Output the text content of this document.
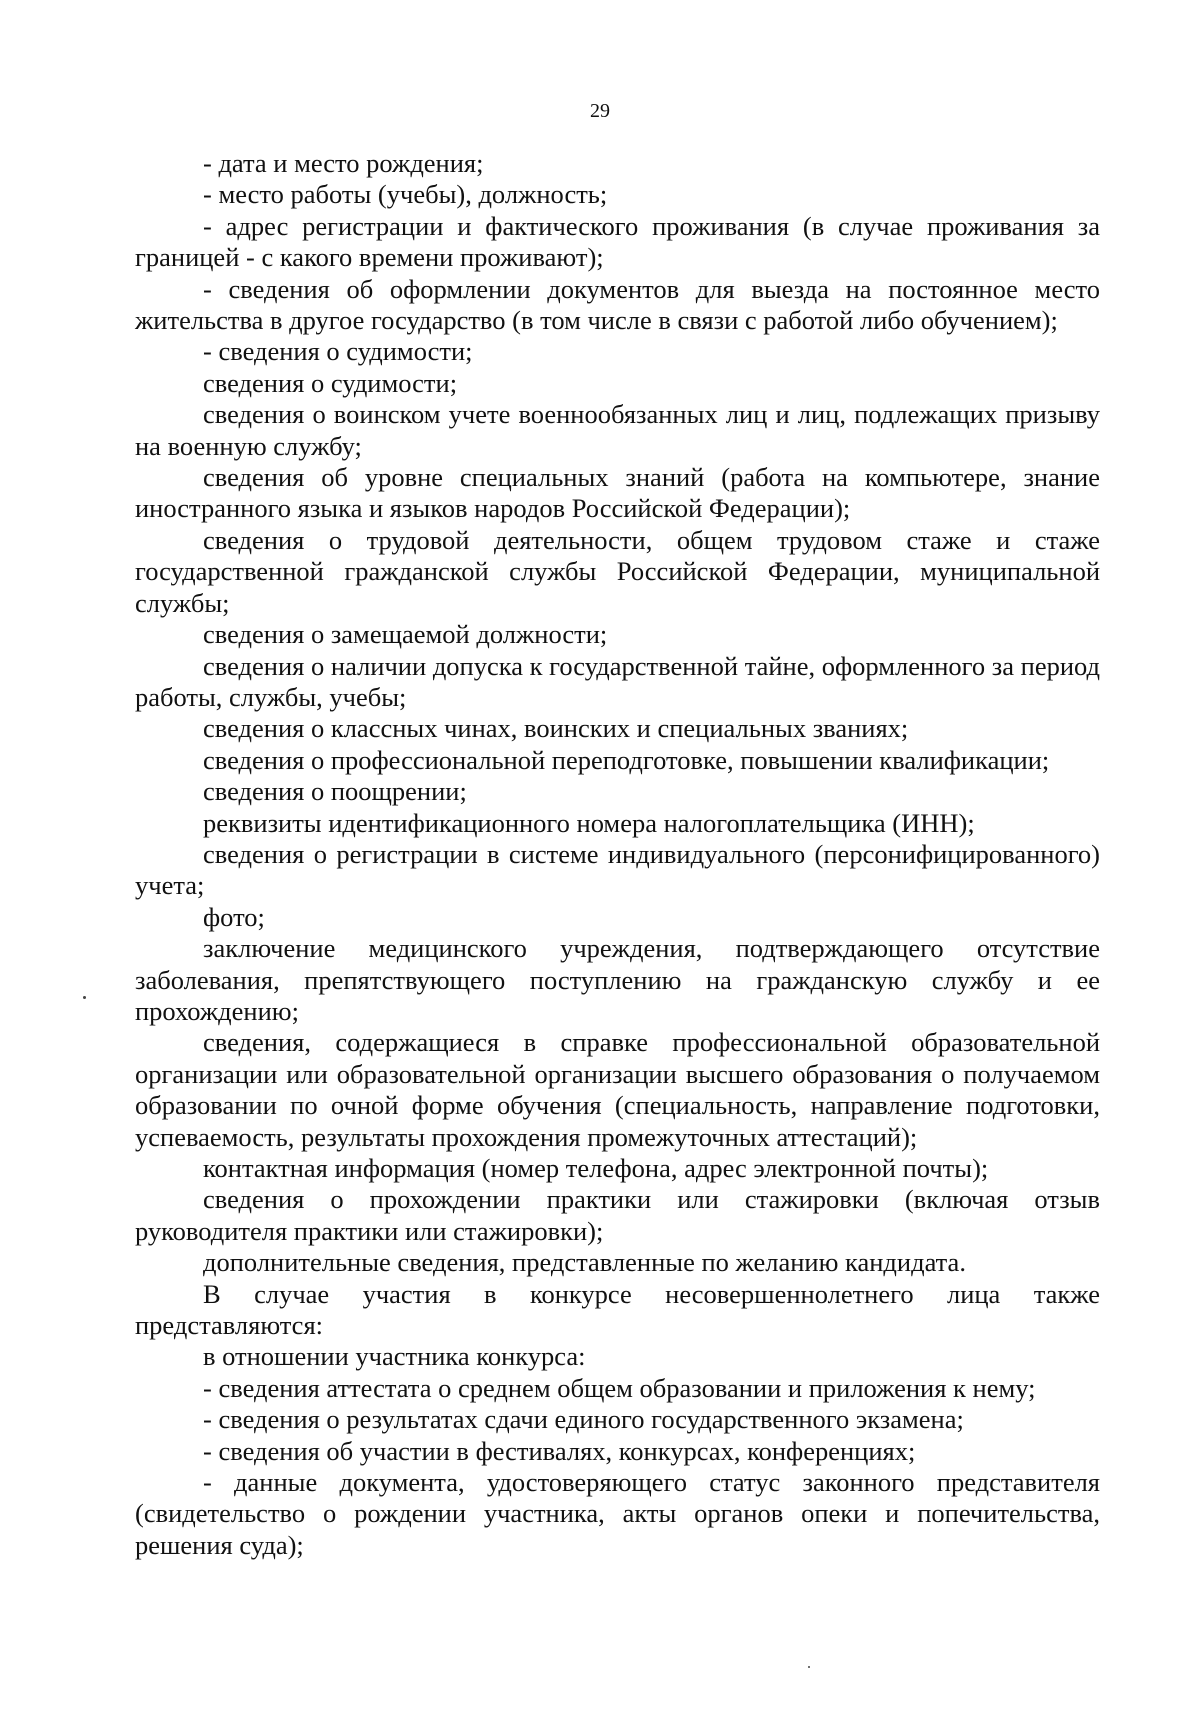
29

- дата и место рождения;

- место работы (учебы), должность;

- адрес регистрации и фактического проживания (в случае проживания за границей - с какого времени проживают);

- сведения об оформлении документов для выезда на постоянное место жительства в другое государство (в том числе в связи с работой либо обучением);

- сведения о судимости;

сведения о судимости;

сведения о воинском учете военнообязанных лиц и лиц, подлежащих призыву на военную службу;

сведения об уровне специальных знаний (работа на компьютере, знание иностранного языка и языков народов Российской Федерации);

сведения о трудовой деятельности, общем трудовом стаже и стаже государственной гражданской службы Российской Федерации, муниципальной службы;

сведения о замещаемой должности;

сведения о наличии допуска к государственной тайне, оформленного за период работы, службы, учебы;

сведения о классных чинах, воинских и специальных званиях;

сведения о профессиональной переподготовке, повышении квалификации;

сведения о поощрении;

реквизиты идентификационного номера налогоплательщика (ИНН);

сведения о регистрации в системе индивидуального (персонифицированного) учета;

фото;

заключение медицинского учреждения, подтверждающего отсутствие заболевания, препятствующего поступлению на гражданскую службу и ее прохождению;

сведения, содержащиеся в справке профессиональной образовательной организации или образовательной организации высшего образования о получаемом образовании по очной форме обучения (специальность, направление подготовки, успеваемость, результаты прохождения промежуточных аттестаций);

контактная информация (номер телефона, адрес электронной почты);

сведения о прохождении практики или стажировки (включая отзыв руководителя практики или стажировки);

дополнительные сведения, представленные по желанию кандидата.

В случае участия в конкурсе несовершеннолетнего лица также представляются:

в отношении участника конкурса:

- сведения аттестата о среднем общем образовании и приложения к нему;

- сведения о результатах сдачи единого государственного экзамена;

- сведения об участии в фестивалях, конкурсах, конференциях;

- данные документа, удостоверяющего статус законного представителя (свидетельство о рождении участника, акты органов опеки и попечительства, решения суда);
